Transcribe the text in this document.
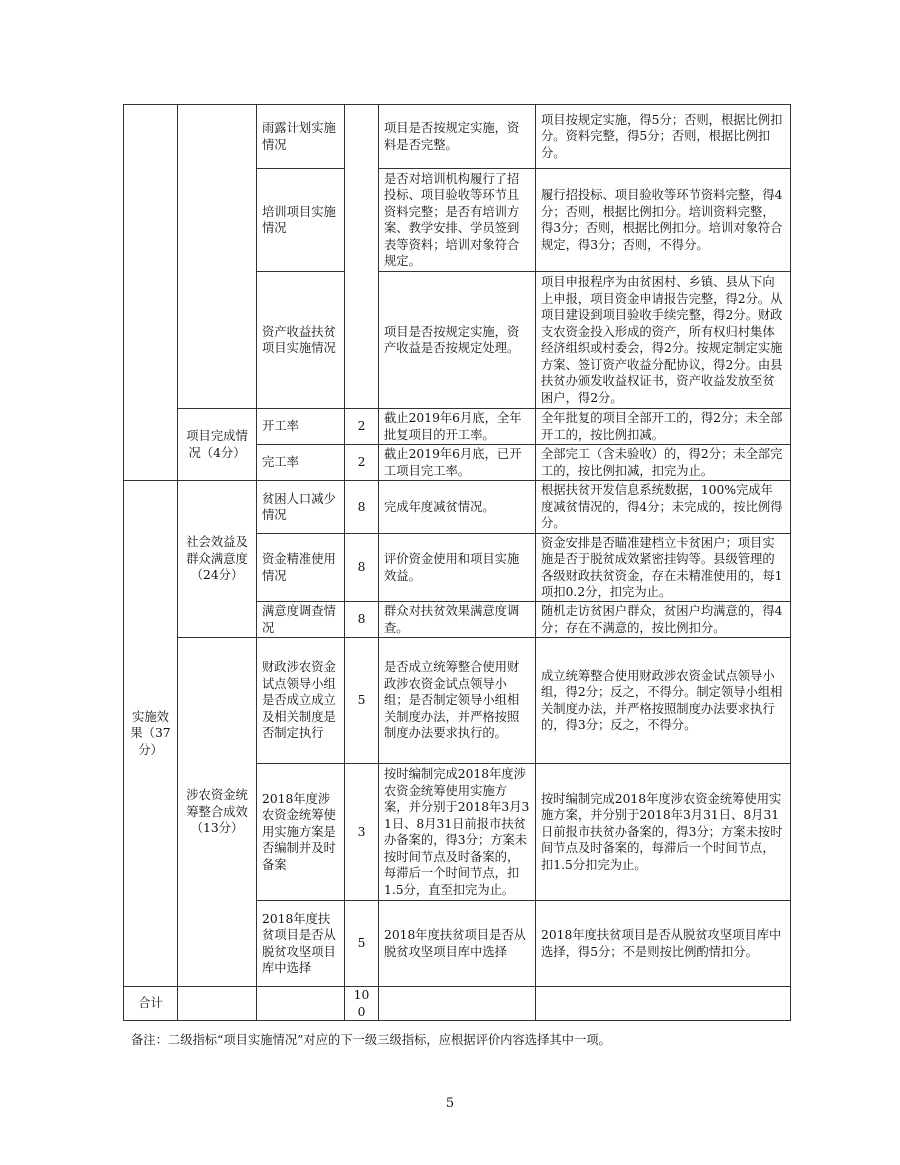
		雨露计划实施情况		项目是否按规定实施，资料是否完整。	项目按规定实施，得5分；否则，根据比例扣分。资料完整，得5分；否则，根据比例扣分。
		培训项目实施情况		是否对培训机构履行了招投标、项目验收等环节且资料完整；是否有培训方案、教学安排、学员签到表等资料；培训对象符合规定。	履行招投标、项目验收等环节资料完整，得4分；否则，根据比例扣分。培训资料完整，得3分；否则，根据比例扣分。培训对象符合规定，得3分；否则，不得分。
		资产收益扶贫项目实施情况		项目是否按规定实施，资产收益是否按规定处理。	项目申报程序为由贫困村、乡镇、县从下向上申报，项目资金申请报告完整，得2分。从项目建设到项目验收手续完整，得2分。财政支农资金投入形成的资产，所有权归村集体经济组织或村委会，得2分。按规定制定实施方案、签订资产收益分配协议，得2分。由县扶贫办颁发收益权证书，资产收益发放至贫困户，得2分。
	项目完成情况（4分）	开工率	2	截止2019年6月底，全年批复项目的开工率。	全年批复的项目全部开工的，得2分；未全部开工的，按比例扣减。
		完工率	2	截止2019年6月底，已开工项目完工率。	全部完工（含未验收）的，得2分；未全部完工的，按比例扣减，扣完为止。
实施效果（37分）	社会效益及群众满意度（24分）	贫困人口减少情况	8	完成年度减贫情况。	根据扶贫开发信息系统数据，100%完成年度减贫情况的，得4分；未完成的，按比例得分。
		资金精准使用情况	8	评价资金使用和项目实施效益。	资金安排是否瞄准建档立卡贫困户；项目实施是否于脱贫成效紧密挂钩等。县级管理的各级财政扶贫资金，存在未精准使用的，每1项扣0.2分，扣完为止。
		满意度调查情况	8	群众对扶贫效果满意度调查。	随机走访贫困户群众，贫困户均满意的，得4分；存在不满意的，按比例扣分。
	涉农资金统筹整合成效（13分）	财政涉农资金试点领导小组是否成立成立及相关制度是否制定执行	5	是否成立统筹整合使用财政涉农资金试点领导小组；是否制定领导小组相关制度办法，并严格按照制度办法要求执行的。	成立统筹整合使用财政涉农资金试点领导小组，得2分；反之，不得分。制定领导小组相关制度办法，并严格按照制度办法要求执行的，得3分；反之，不得分。
		2018年度涉农资金统筹使用实施方案是否编制并及时备案	3	按时编制完成2018年度涉农资金统筹使用实施方案，并分别于2018年3月31日、8月31日前报市扶贫办备案的，得3分；方案未按时间节点及时备案的，每滞后一个时间节点，扣1.5分，直至扣完为止。	按时编制完成2018年度涉农资金统筹使用实施方案，并分别于2018年3月31日、8月31日前报市扶贫办备案的，得3分；方案未按时间节点及时备案的，每滞后一个时间节点，扣1.5分扣完为止。
		2018年度扶贫项目是否从脱贫攻坚项目库中选择	5	2018年度扶贫项目是否从脱贫攻坚项目库中选择	2018年度扶贫项目是否从脱贫攻坚项目库中选择，得5分；不是则按比例酌情扣分。
合计			100		
备注：二级指标“项目实施情况”对应的下一级三级指标，应根据评价内容选择其中一项。
5
